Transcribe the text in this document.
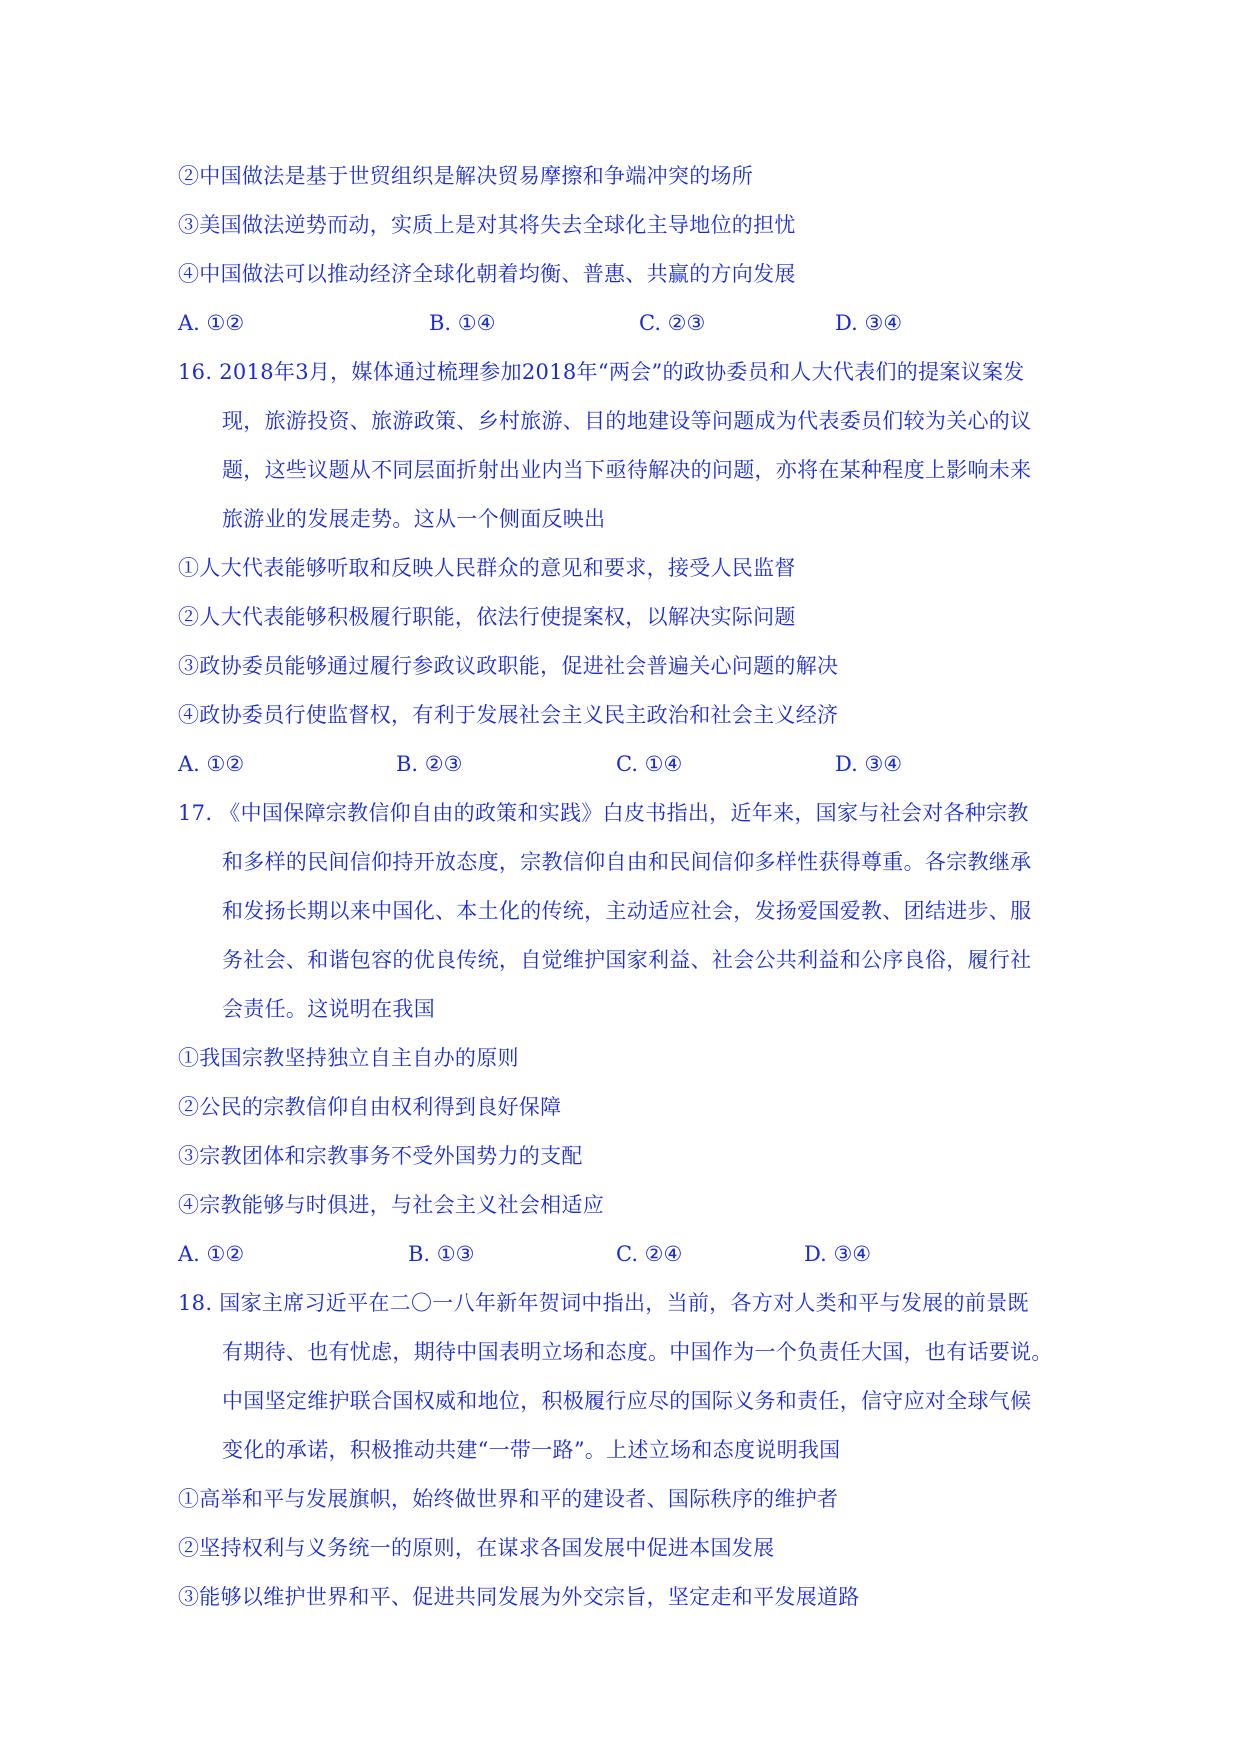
②中国做法是基于世贸组织是解决贸易摩擦和争端冲突的场所
③美国做法逆势而动，实质上是对其将失去全球化主导地位的担忧
④中国做法可以推动经济全球化朝着均衡、普惠、共赢的方向发展
A. ①②	B. ①④	C. ②③	D. ③④
16. 2018年3月，媒体通过梳理参加2018年“两会”的政协委员和人大代表们的提案议案发
现，旅游投资、旅游政策、乡村旅游、目的地建设等问题成为代表委员们较为关心的议
题，这些议题从不同层面折射出业内当下亟待解决的问题，亦将在某种程度上影响未来
旅游业的发展走势。这从一个侧面反映出
①人大代表能够听取和反映人民群众的意见和要求，接受人民监督
②人大代表能够积极履行职能，依法行使提案权，以解决实际问题
③政协委员能够通过履行参政议政职能，促进社会普遍关心问题的解决
④政协委员行使监督权，有利于发展社会主义民主政治和社会主义经济
A. ①②	B. ②③	C. ①④	D. ③④
17. 《中国保障宗教信仰自由的政策和实践》白皮书指出，近年来，国家与社会对各种宗教
和多样的民间信仰持开放态度，宗教信仰自由和民间信仰多样性获得尊重。各宗教继承
和发扬长期以来中国化、本土化的传统，主动适应社会，发扬爱国爱教、团结进步、服
务社会、和谐包容的优良传统，自觉维护国家利益、社会公共利益和公序良俗，履行社
会责任。这说明在我国
①我国宗教坚持独立自主自办的原则
②公民的宗教信仰自由权利得到良好保障
③宗教团体和宗教事务不受外国势力的支配
④宗教能够与时俱进，与社会主义社会相适应
A. ①②	B. ①③	C. ②④	D. ③④
18. 国家主席习近平在二〇一八年新年贺词中指出，当前，各方对人类和平与发展的前景既
有期待、也有忧虑，期待中国表明立场和态度。中国作为一个负责任大国，也有话要说。
中国坚定维护联合国权威和地位，积极履行应尽的国际义务和责任，信守应对全球气候
变化的承诺，积极推动共建“一带一路”。上述立场和态度说明我国
①高举和平与发展旗帜，始终做世界和平的建设者、国际秩序的维护者
②坚持权利与义务统一的原则，在谋求各国发展中促进本国发展
③能够以维护世界和平、促进共同发展为外交宗旨，坚定走和平发展道路
